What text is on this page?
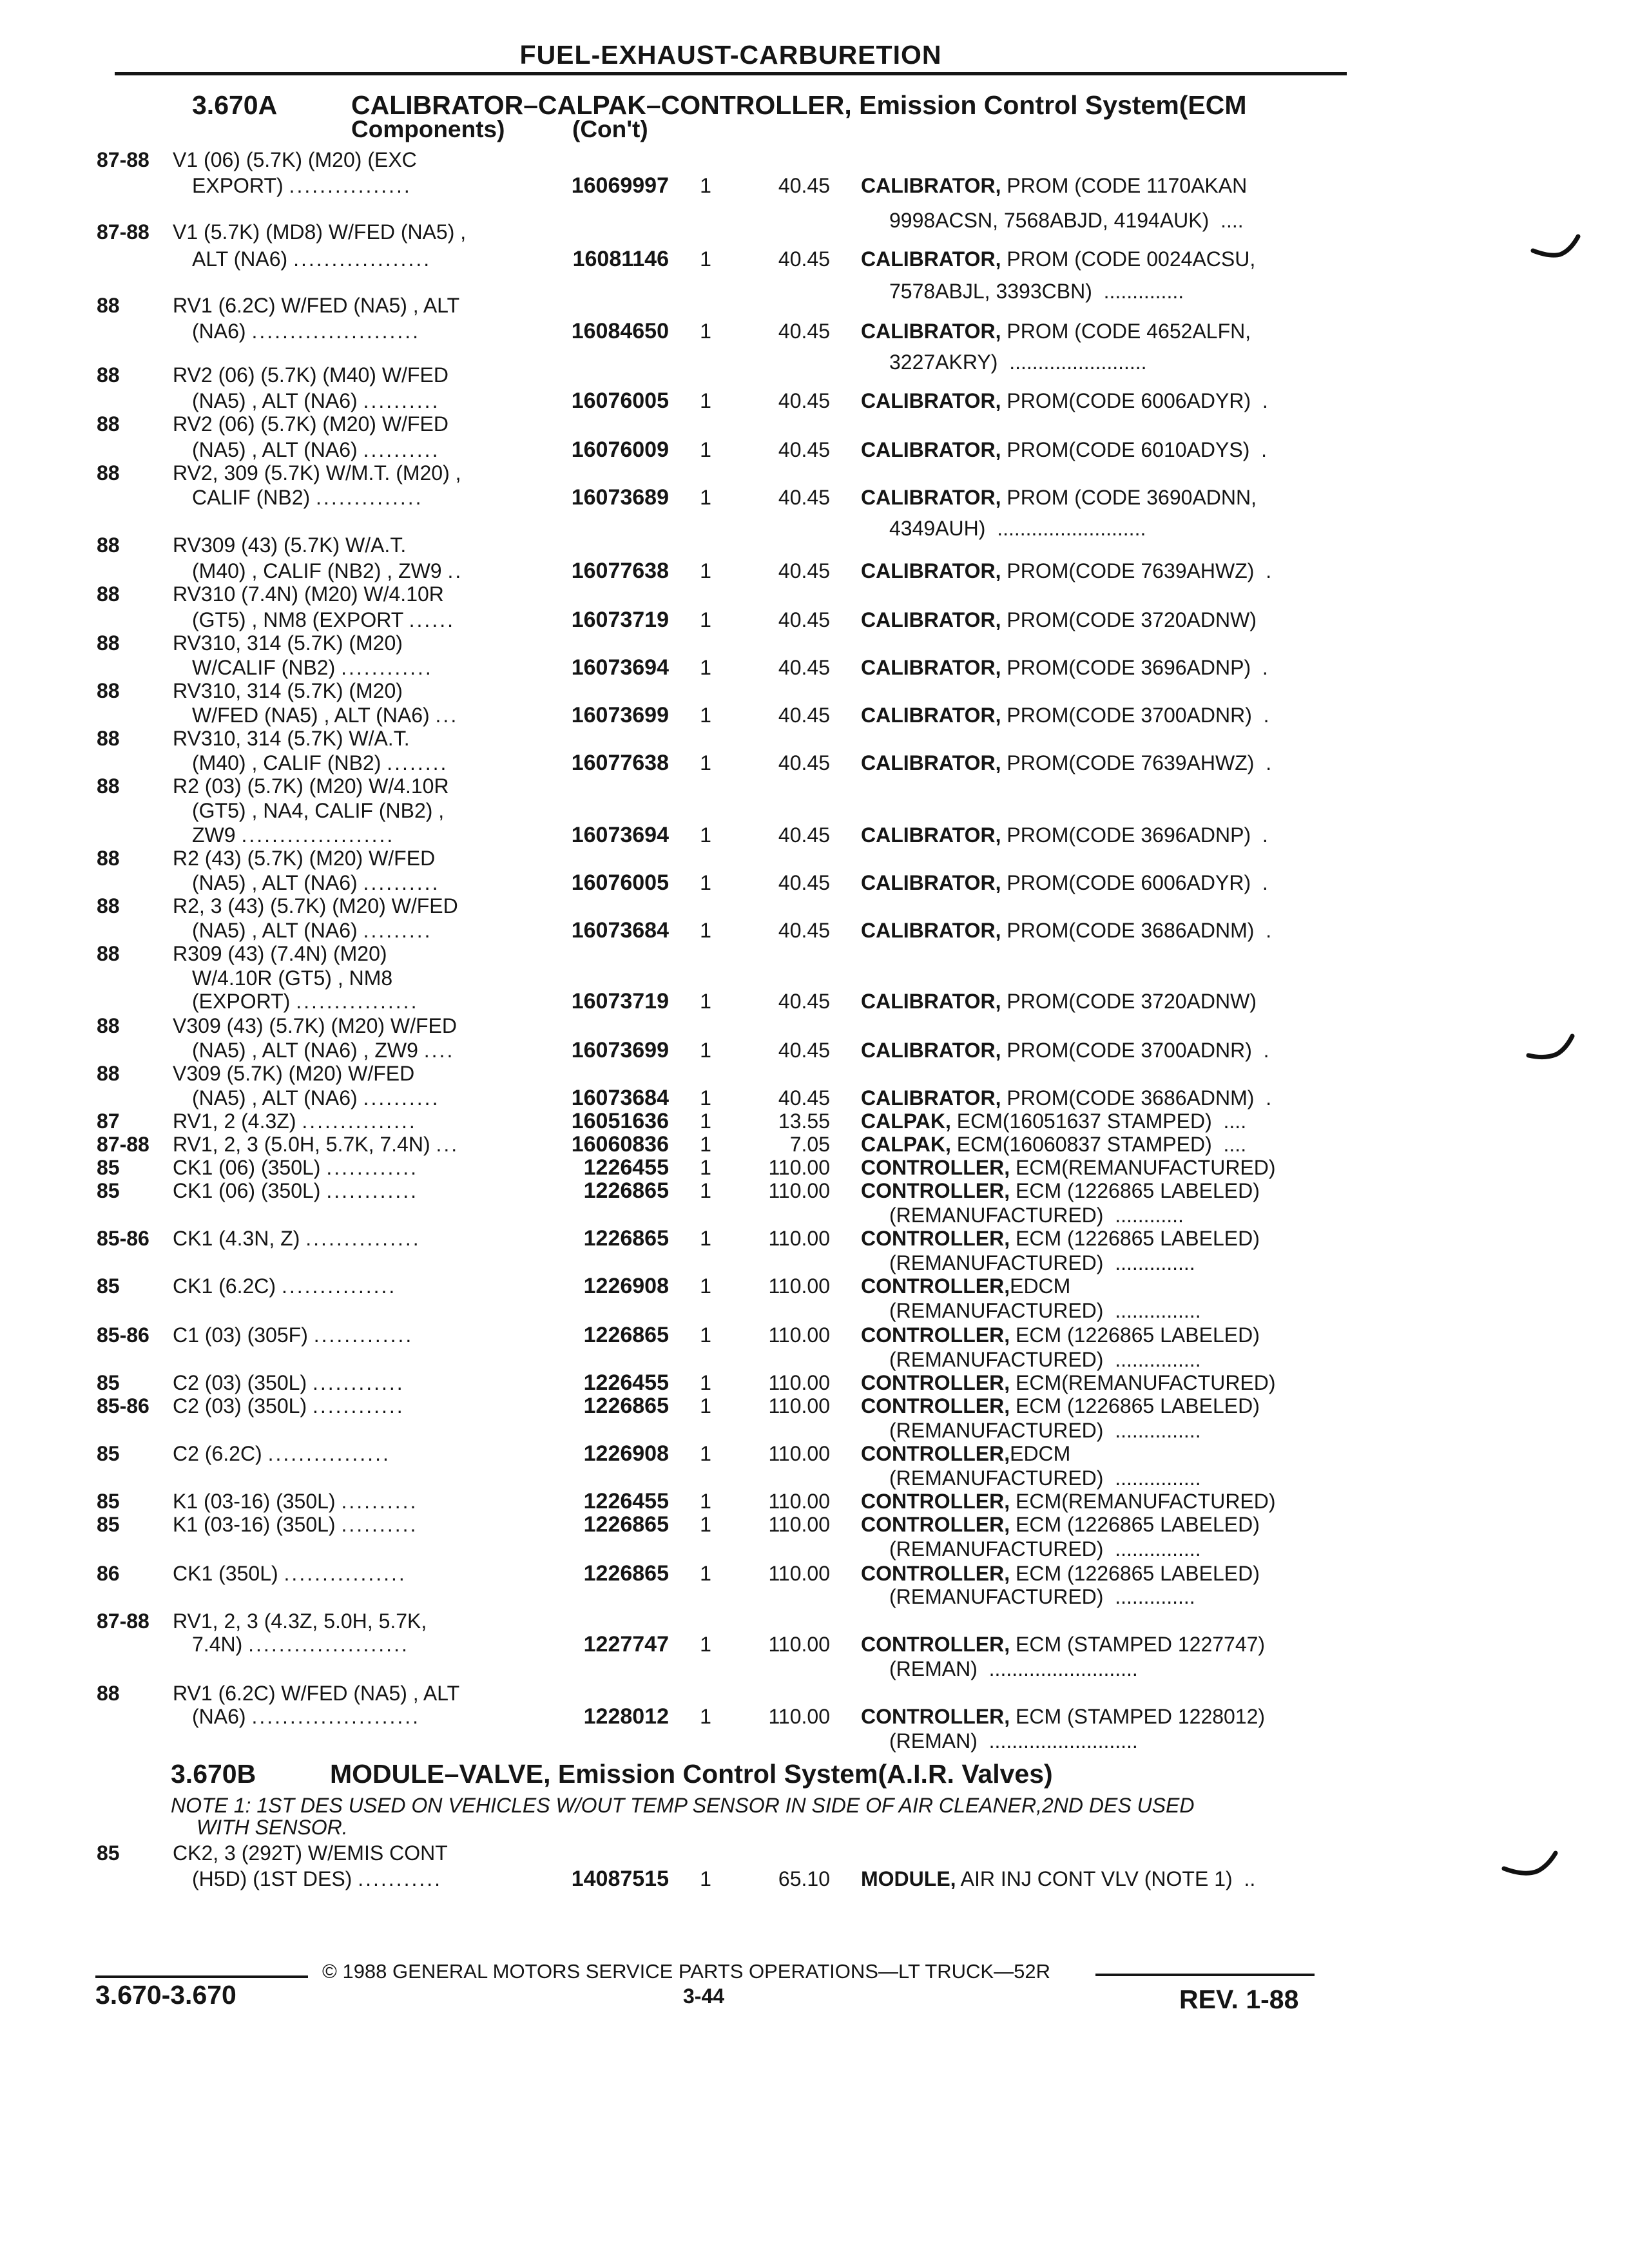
FUEL-EXHAUST-CARBURETION
3.670A	CALIBRATOR–CALPAK–CONTROLLER, Emission Control System(ECM
Components)	(Con't)
87-88 V1 (06) (5.7K) (M20) (EXC
EXPORT) ................	16069997 1	40.45 CALIBRATOR, PROM (CODE 1170AKAN
9998ACSN, 7568ABJD, 4194AUK)  ....
87-88 V1 (5.7K) (MD8) W/FED (NA5) ,
ALT (NA6) ..................	16081146 1	40.45 CALIBRATOR, PROM (CODE 0024ACSU,
7578ABJL, 3393CBN)  ..............
88	RV1 (6.2C) W/FED (NA5) , ALT
(NA6) ......................	16084650 1	40.45 CALIBRATOR, PROM (CODE 4652ALFN,
3227AKRY)  ........................
88	RV2 (06) (5.7K) (M40) W/FED
(NA5) , ALT (NA6) ..........	16076005 1	40.45 CALIBRATOR, PROM(CODE 6006ADYR)  .
88	RV2 (06) (5.7K) (M20) W/FED
(NA5) , ALT (NA6) ..........	16076009 1	40.45 CALIBRATOR, PROM(CODE 6010ADYS)  .
88	RV2, 309 (5.7K) W/M.T. (M20) ,
CALIF (NB2) ..............	16073689 1	40.45 CALIBRATOR, PROM (CODE 3690ADNN,
4349AUH)  ..........................
88	RV309 (43) (5.7K) W/A.T.
(M40) , CALIF (NB2) , ZW9 ..	16077638 1	40.45 CALIBRATOR, PROM(CODE 7639AHWZ)  .
88	RV310 (7.4N) (M20) W/4.10R
(GT5) , NM8 (EXPORT ......	16073719 1	40.45 CALIBRATOR, PROM(CODE 3720ADNW)
88	RV310, 314 (5.7K) (M20)
W/CALIF (NB2) ............	16073694 1	40.45 CALIBRATOR, PROM(CODE 3696ADNP)  .
88	RV310, 314 (5.7K) (M20)
W/FED (NA5) , ALT (NA6) ...	16073699 1	40.45 CALIBRATOR, PROM(CODE 3700ADNR)  .
88	RV310, 314 (5.7K) W/A.T.
(M40) , CALIF (NB2) ........	16077638 1	40.45 CALIBRATOR, PROM(CODE 7639AHWZ)  .
88	R2 (03) (5.7K) (M20) W/4.10R
(GT5) , NA4, CALIF (NB2) ,
ZW9 ....................	16073694 1	40.45 CALIBRATOR, PROM(CODE 3696ADNP)  .
88	R2 (43) (5.7K) (M20) W/FED
(NA5) , ALT (NA6) ..........	16076005 1	40.45 CALIBRATOR, PROM(CODE 6006ADYR)  .
88	R2, 3 (43) (5.7K) (M20) W/FED
(NA5) , ALT (NA6) .........	16073684 1	40.45 CALIBRATOR, PROM(CODE 3686ADNM)  .
88	R309 (43) (7.4N) (M20)
W/4.10R (GT5) , NM8
(EXPORT) ................	16073719 1	40.45 CALIBRATOR, PROM(CODE 3720ADNW)
88	V309 (43) (5.7K) (M20) W/FED
(NA5) , ALT (NA6) , ZW9 ....	16073699 1	40.45 CALIBRATOR, PROM(CODE 3700ADNR)  .
88	V309 (5.7K) (M20) W/FED
(NA5) , ALT (NA6) ..........	16073684 1	40.45 CALIBRATOR, PROM(CODE 3686ADNM)  .
87	RV1, 2 (4.3Z) ...............	16051636 1	13.55 CALPAK, ECM(16051637 STAMPED)  ....
87-88 RV1, 2, 3 (5.0H, 5.7K, 7.4N) ...	16060836 1	7.05 CALPAK, ECM(16060837 STAMPED)  ....
85	CK1 (06) (350L) ............	1226455 1	110.00 CONTROLLER, ECM(REMANUFACTURED)
85	CK1 (06) (350L) ............	1226865 1	110.00 CONTROLLER, ECM (1226865 LABELED)
(REMANUFACTURED)  ............
85-86 CK1 (4.3N, Z) ...............	1226865 1	110.00 CONTROLLER, ECM (1226865 LABELED)
(REMANUFACTURED)  ..............
85	CK1 (6.2C) ...............	1226908 1	110.00 CONTROLLER,EDCM
(REMANUFACTURED)  ...............
85-86 C1 (03) (305F) .............	1226865 1	110.00 CONTROLLER, ECM (1226865 LABELED)
(REMANUFACTURED)  ...............
85	C2 (03) (350L) ............	1226455 1	110.00 CONTROLLER, ECM(REMANUFACTURED)
85-86 C2 (03) (350L) ............	1226865 1	110.00 CONTROLLER, ECM (1226865 LABELED)
(REMANUFACTURED)  ...............
85	C2 (6.2C) ................	1226908 1	110.00 CONTROLLER,EDCM
(REMANUFACTURED)  ...............
85	K1 (03-16) (350L) ..........	1226455 1	110.00 CONTROLLER, ECM(REMANUFACTURED)
85	K1 (03-16) (350L) ..........	1226865 1	110.00 CONTROLLER, ECM (1226865 LABELED)
(REMANUFACTURED)  ...............
86	CK1 (350L) ................	1226865 1	110.00 CONTROLLER, ECM (1226865 LABELED)
(REMANUFACTURED)  ..............
87-88 RV1, 2, 3 (4.3Z, 5.0H, 5.7K,
7.4N) .....................	1227747 1	110.00 CONTROLLER, ECM (STAMPED 1227747)
(REMAN)  ..........................
88	RV1 (6.2C) W/FED (NA5) , ALT
(NA6) ......................	1228012 1	110.00 CONTROLLER, ECM (STAMPED 1228012)
(REMAN)  ..........................
3.670B	MODULE–VALVE, Emission Control System(A.I.R. Valves)
NOTE 1: 1ST DES USED ON VEHICLES W/OUT TEMP SENSOR IN SIDE OF AIR CLEANER,2ND DES USED
WITH SENSOR.
85	CK2, 3 (292T) W/EMIS CONT
(H5D) (1ST DES) ...........	14087515 1	65.10 MODULE, AIR INJ CONT VLV (NOTE 1)  ..
3.670-3.670
© 1988 GENERAL MOTORS SERVICE PARTS OPERATIONS—LT TRUCK—52R
3-44	REV. 1-88
